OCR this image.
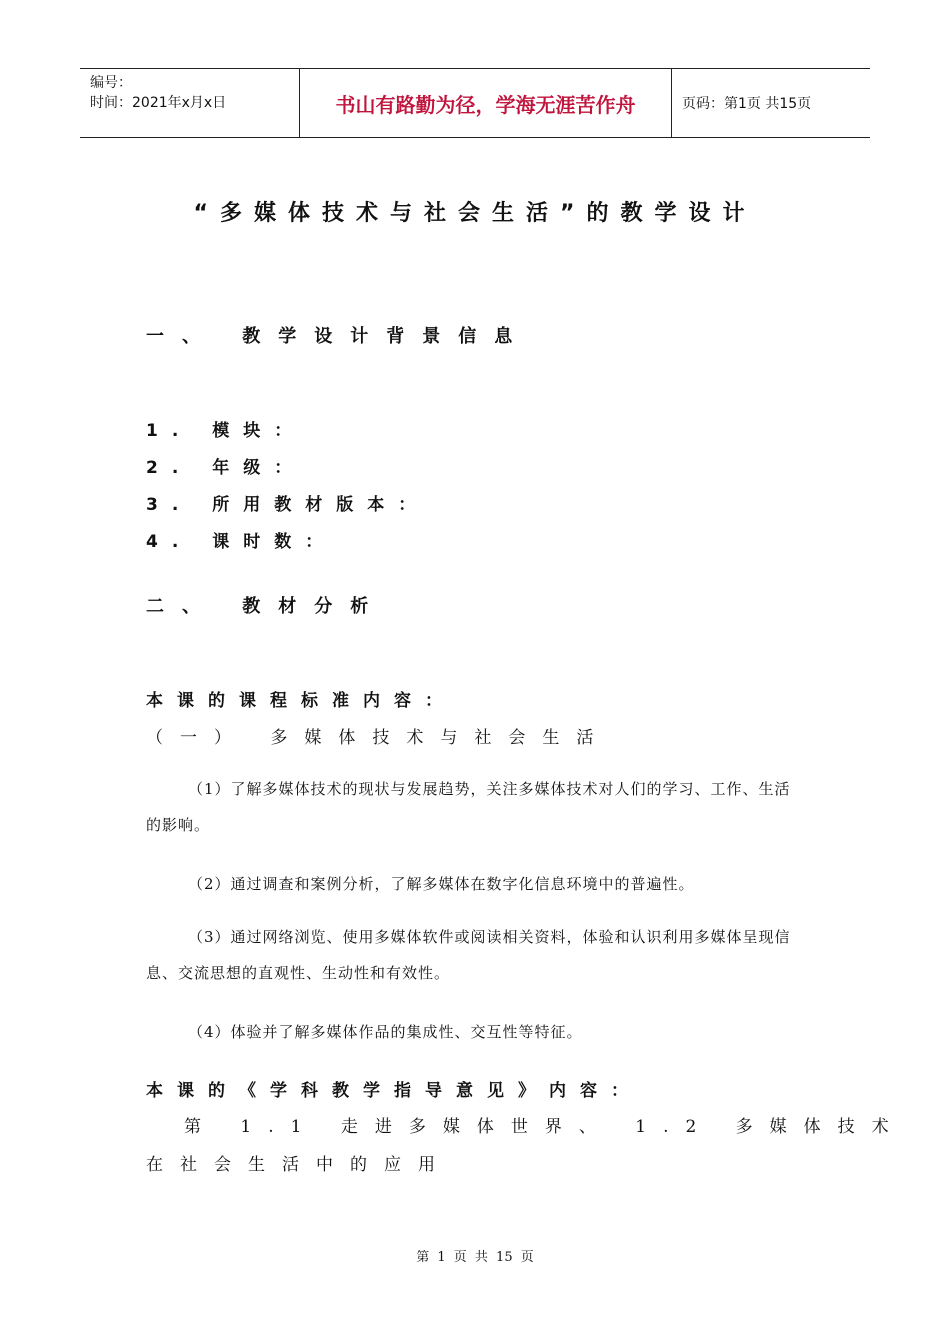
编号：
时间：2021年x月x日	书山有路勤为径，学海无涯苦作舟	页码：第1页 共15页
“多媒体技术与社会生活”的教学设计
一、 教学设计背景信息
1. 模块：
2. 年级：
3. 所用教材版本：
4. 课时数：
二、 教材分析
本课的课程标准内容：
（一） 多媒体技术与社会生活
（1）了解多媒体技术的现状与发展趋势，关注多媒体技术对人们的学习、工作、生活的影响。
（2）通过调查和案例分析，了解多媒体在数字化信息环境中的普遍性。
（3）通过网络浏览、使用多媒体软件或阅读相关资料，体验和认识利用多媒体呈现信息、交流思想的直观性、生动性和有效性。
（4）体验并了解多媒体作品的集成性、交互性等特征。
本课的《学科教学指导意见》内容：
第 1.1 走进多媒体世界、 1.2 多媒体技术
在社会生活中的应用
第 1 页 共 15 页
